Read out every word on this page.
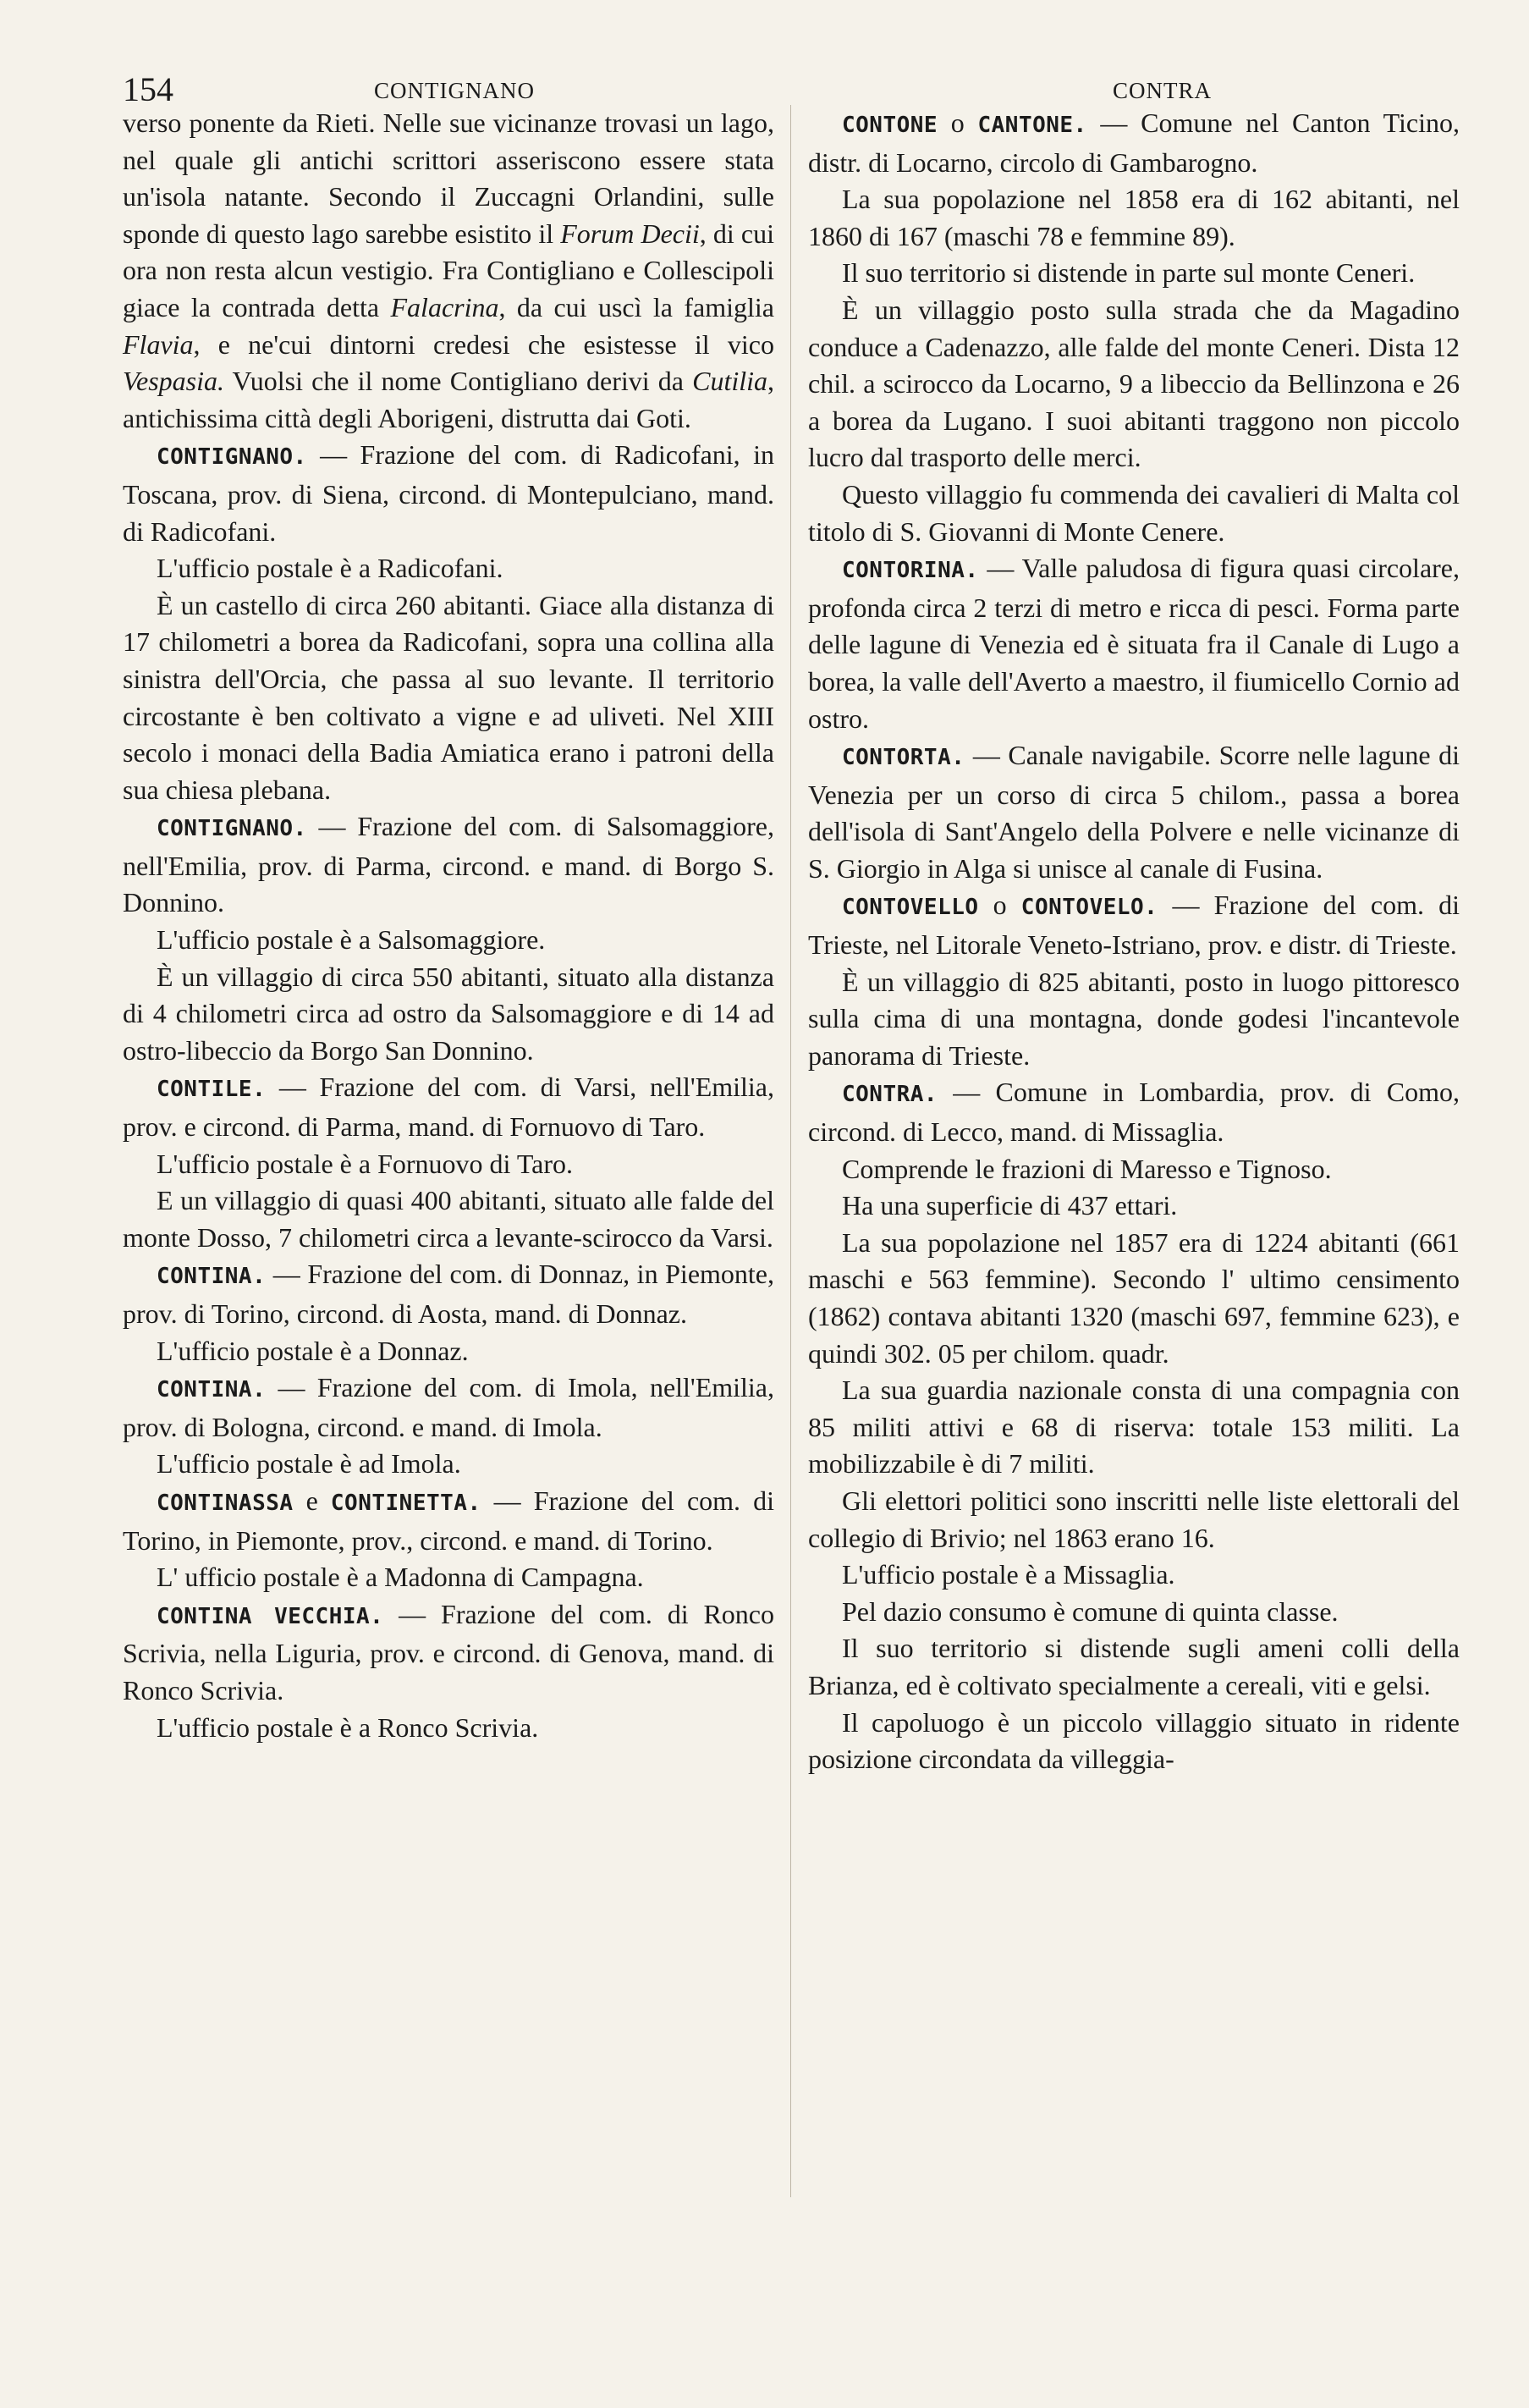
154	CONTIGNANO	CONTRA

verso ponente da Rieti. Nelle sue vicinanze trovasi un lago, nel quale gli antichi scrittori asseriscono essere stata un'isola natante. Secondo il Zuccagni Orlandini, sulle sponde di questo lago sarebbe esistito il Forum Decii, di cui ora non resta alcun vestigio. Fra Contigliano e Collescipoli giace la contrada detta Falacrina, da cui uscì la famiglia Flavia, e ne'cui dintorni credesi che esistesse il vico Vespasia. Vuolsi che il nome Contigliano derivi da Cutilia, antichissima città degli Aborigeni, distrutta dai Goti.

CONTIGNANO. — Frazione del com. di Radicofani, in Toscana, prov. di Siena, circond. di Montepulciano, mand. di Radicofani.

L'ufficio postale è a Radicofani.

È un castello di circa 260 abitanti. Giace alla distanza di 17 chilometri a borea da Radicofani, sopra una collina alla sinistra dell'Orcia, che passa al suo levante. Il territorio circostante è ben coltivato a vigne e ad uliveti. Nel XIII secolo i monaci della Badia Amiatica erano i patroni della sua chiesa plebana.

CONTIGNANO. — Frazione del com. di Salsomaggiore, nell'Emilia, prov. di Parma, circond. e mand. di Borgo S. Donnino.

L'ufficio postale è a Salsomaggiore.

È un villaggio di circa 550 abitanti, situato alla distanza di 4 chilometri circa ad ostro da Salsomaggiore e di 14 ad ostro-libeccio da Borgo San Donnino.

CONTILE. — Frazione del com. di Varsi, nell'Emilia, prov. e circond. di Parma, mand. di Fornuovo di Taro.

L'ufficio postale è a Fornuovo di Taro.

E un villaggio di quasi 400 abitanti, situato alle falde del monte Dosso, 7 chilometri circa a levante-scirocco da Varsi.

CONTINA. — Frazione del com. di Donnaz, in Piemonte, prov. di Torino, circond. di Aosta, mand. di Donnaz.

L'ufficio postale è a Donnaz.

CONTINA. — Frazione del com. di Imola, nell'Emilia, prov. di Bologna, circond. e mand. di Imola.

L'ufficio postale è ad Imola.

CONTINASSA e CONTINETTA. — Frazione del com. di Torino, in Piemonte, prov., circond. e mand. di Torino.

L' ufficio postale è a Madonna di Campagna.

CONTINA VECCHIA. — Frazione del com. di Ronco Scrivia, nella Liguria, prov. e circond. di Genova, mand. di Ronco Scrivia.

L'ufficio postale è a Ronco Scrivia.

CONTONE o CANTONE. — Comune nel Canton Ticino, distr. di Locarno, circolo di Gambarogno.

La sua popolazione nel 1858 era di 162 abitanti, nel 1860 di 167 (maschi 78 e femmine 89).

Il suo territorio si distende in parte sul monte Ceneri.

È un villaggio posto sulla strada che da Magadino conduce a Cadenazzo, alle falde del monte Ceneri. Dista 12 chil. a scirocco da Locarno, 9 a libeccio da Bellinzona e 26 a borea da Lugano. I suoi abitanti traggono non piccolo lucro dal trasporto delle merci.

Questo villaggio fu commenda dei cavalieri di Malta col titolo di S. Giovanni di Monte Cenere.

CONTORINA. — Valle paludosa di figura quasi circolare, profonda circa 2 terzi di metro e ricca di pesci. Forma parte delle lagune di Venezia ed è situata fra il Canale di Lugo a borea, la valle dell'Averto a maestro, il fiumicello Cornio ad ostro.

CONTORTA. — Canale navigabile. Scorre nelle lagune di Venezia per un corso di circa 5 chilom., passa a borea dell'isola di Sant'Angelo della Polvere e nelle vicinanze di S. Giorgio in Alga si unisce al canale di Fusina.

CONTOVELLO o CONTOVELO. — Frazione del com. di Trieste, nel Litorale Veneto-Istriano, prov. e distr. di Trieste.

È un villaggio di 825 abitanti, posto in luogo pittoresco sulla cima di una montagna, donde godesi l'incantevole panorama di Trieste.

CONTRA. — Comune in Lombardia, prov. di Como, circond. di Lecco, mand. di Missaglia.

Comprende le frazioni di Maresso e Tignoso.

Ha una superficie di 437 ettari.

La sua popolazione nel 1857 era di 1224 abitanti (661 maschi e 563 femmine). Secondo l' ultimo censimento (1862) contava abitanti 1320 (maschi 697, femmine 623), e quindi 302. 05 per chilom. quadr.

La sua guardia nazionale consta di una compagnia con 85 militi attivi e 68 di riserva: totale 153 militi. La mobilizzabile è di 7 militi.

Gli elettori politici sono inscritti nelle liste elettorali del collegio di Brivio; nel 1863 erano 16.

L'ufficio postale è a Missaglia.

Pel dazio consumo è comune di quinta classe.

Il suo territorio si distende sugli ameni colli della Brianza, ed è coltivato specialmente a cereali, viti e gelsi.

Il capoluogo è un piccolo villaggio situato in ridente posizione circondata da villeggia-
